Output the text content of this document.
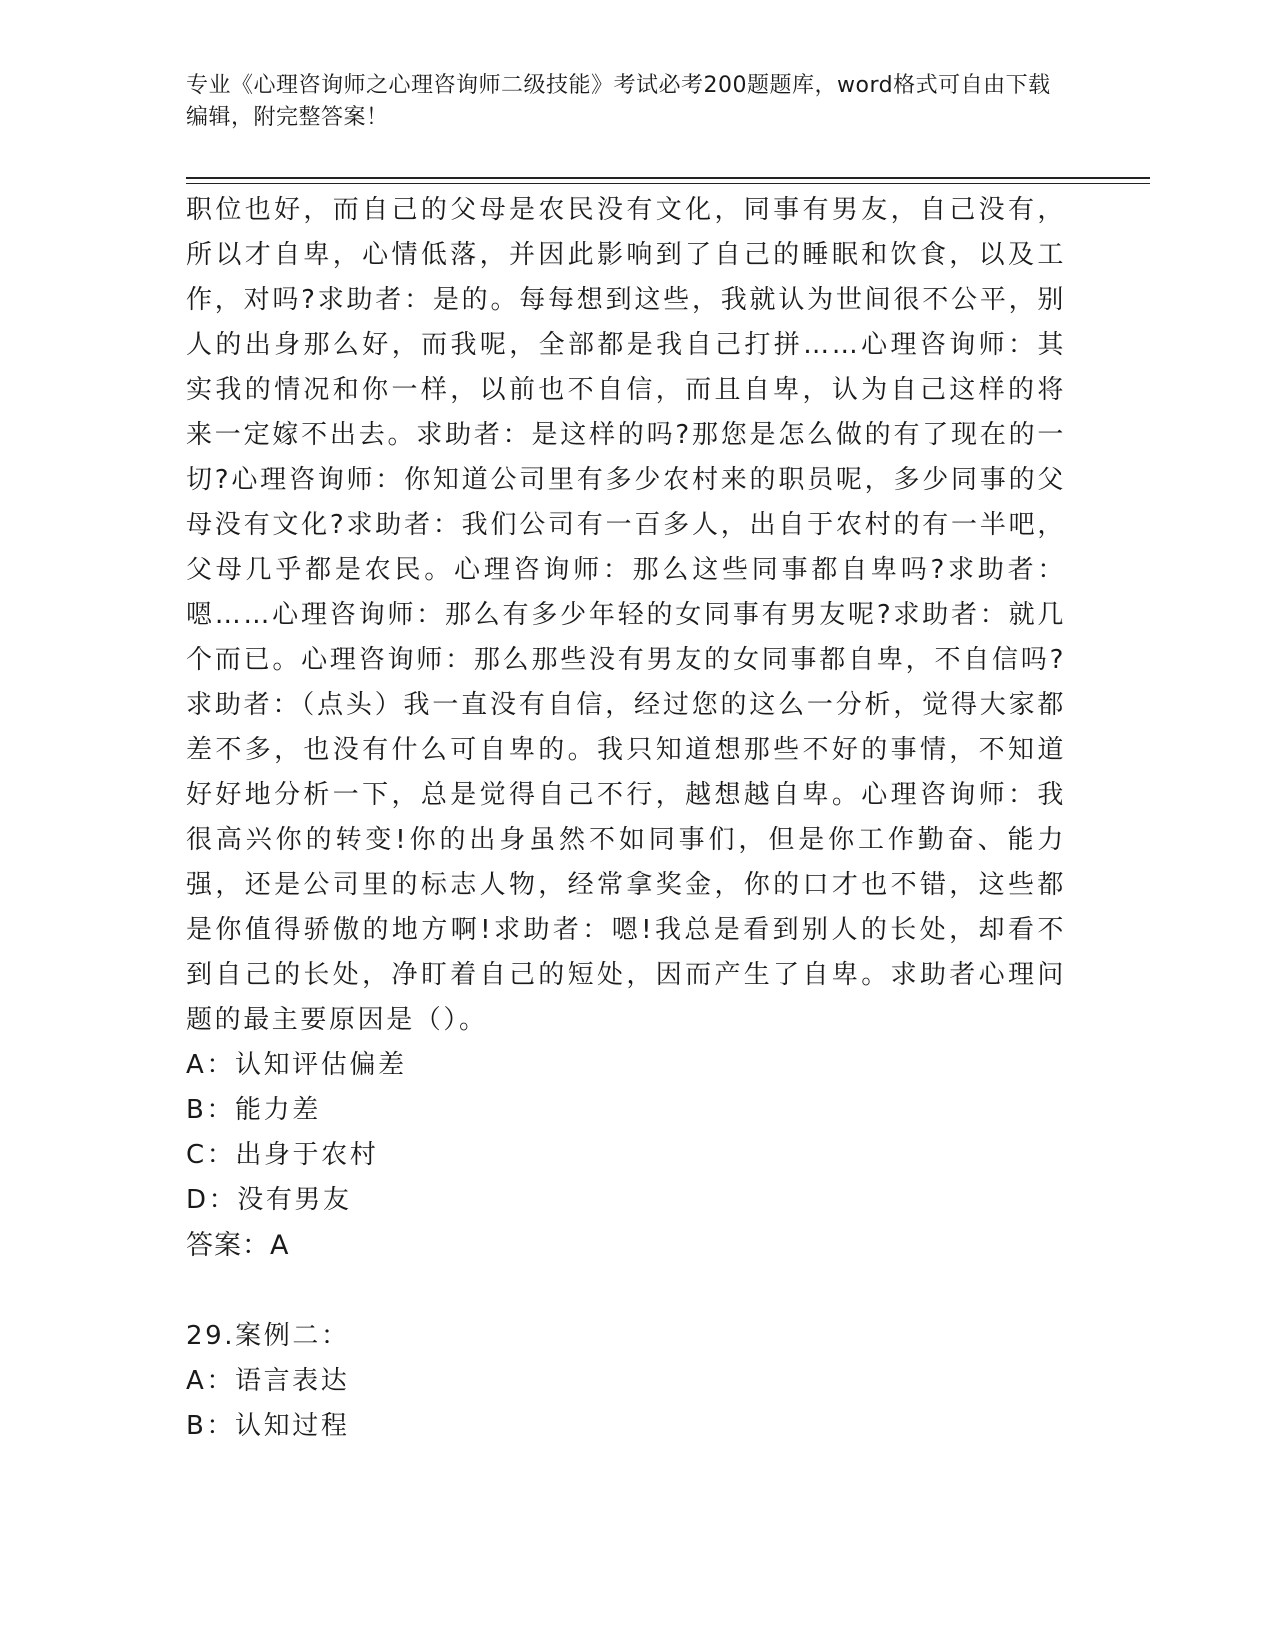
专业《心理咨询师之心理咨询师二级技能》考试必考200题题库，word格式可自由下载编辑，附完整答案！

职位也好，而自己的父母是农民没有文化，同事有男友，自己没有，所以才自卑，心情低落，并因此影响到了自己的睡眠和饮食，以及工作，对吗?求助者：是的。每每想到这些，我就认为世间很不公平，别人的出身那么好，而我呢，全部都是我自己打拼……心理咨询师：其实我的情况和你一样，以前也不自信，而且自卑，认为自己这样的将来一定嫁不出去。求助者：是这样的吗?那您是怎么做的有了现在的一切?心理咨询师：你知道公司里有多少农村来的职员呢，多少同事的父母没有文化?求助者：我们公司有一百多人，出自于农村的有一半吧，父母几乎都是农民。心理咨询师：那么这些同事都自卑吗?求助者：嗯……心理咨询师：那么有多少年轻的女同事有男友呢?求助者：就几个而已。心理咨询师：那么那些没有男友的女同事都自卑，不自信吗?求助者：（点头）我一直没有自信，经过您的这么一分析，觉得大家都差不多，也没有什么可自卑的。我只知道想那些不好的事情，不知道好好地分析一下，总是觉得自己不行，越想越自卑。心理咨询师：我很高兴你的转变!你的出身虽然不如同事们，但是你工作勤奋、能力强，还是公司里的标志人物，经常拿奖金，你的口才也不错，这些都是你值得骄傲的地方啊!求助者：嗯!我总是看到别人的长处，却看不到自己的长处，净盯着自己的短处，因而产生了自卑。求助者心理问题的最主要原因是（）。

A：认知评估偏差

B：能力差

C：出身于农村

D：没有男友

答案：A

29.案例二：

A：语言表达

B：认知过程
